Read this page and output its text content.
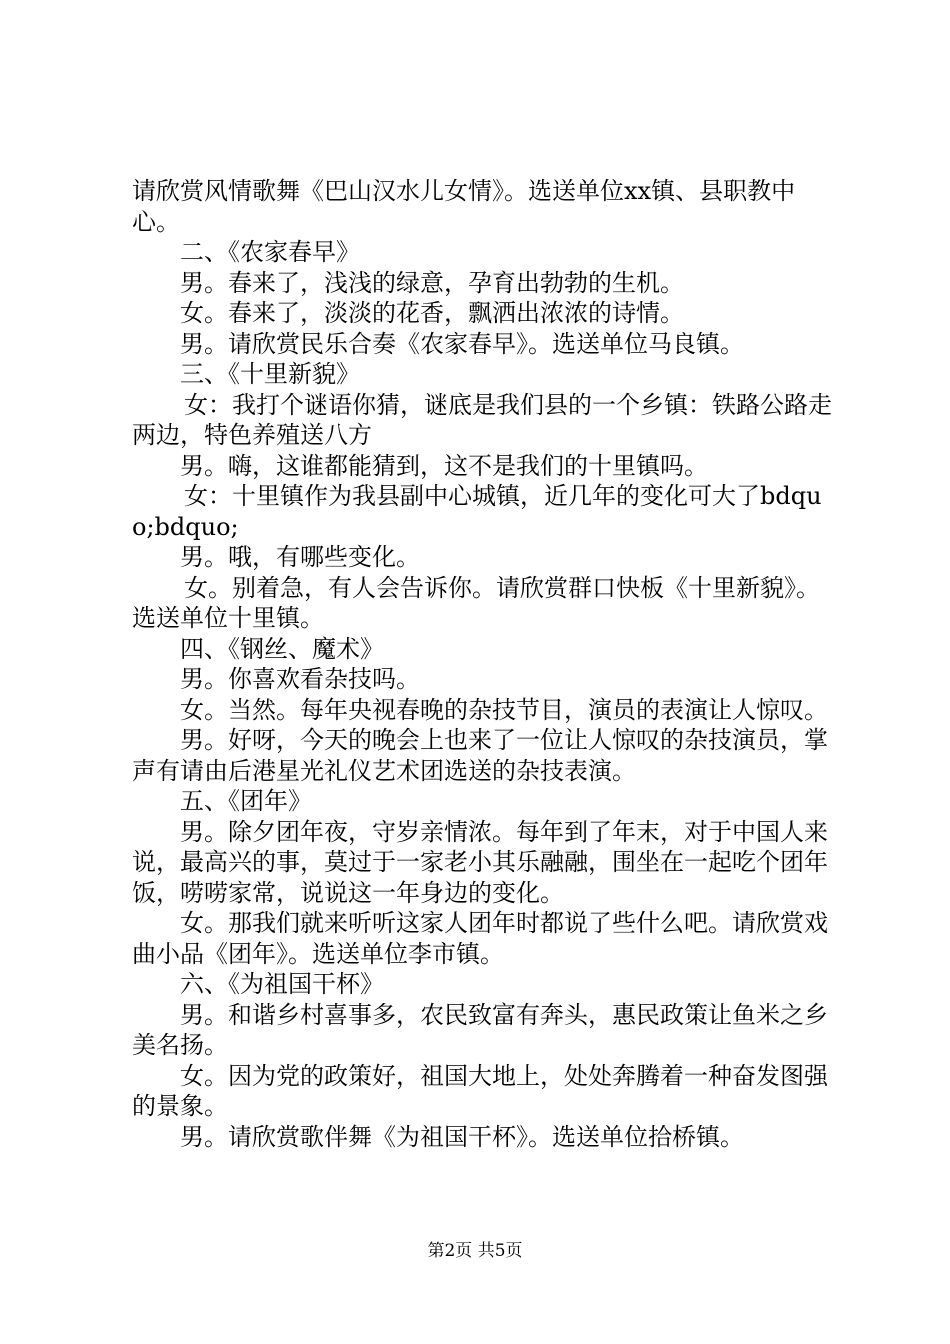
请欣赏风情歌舞《巴山汉水儿女情》。选送单位xx镇、县职教中心。

二、《农家春早》

男。春来了，浅浅的绿意，孕育出勃勃的生机。

女。春来了，淡淡的花香，飘洒出浓浓的诗情。

男。请欣赏民乐合奏《农家春早》。选送单位马良镇。

三、《十里新貌》

女：我打个谜语你猜，谜底是我们县的一个乡镇：铁路公路走两边，特色养殖送八方

男。嗨，这谁都能猜到，这不是我们的十里镇吗。

女：十里镇作为我县副中心城镇，近几年的变化可大了bdquo;bdquo;

男。哦，有哪些变化。

女。别着急，有人会告诉你。请欣赏群口快板《十里新貌》。选送单位十里镇。

四、《钢丝、魔术》

男。你喜欢看杂技吗。

女。当然。每年央视春晚的杂技节目，演员的表演让人惊叹。

男。好呀，今天的晚会上也来了一位让人惊叹的杂技演员，掌声有请由后港星光礼仪艺术团选送的杂技表演。

五、《团年》

男。除夕团年夜，守岁亲情浓。每年到了年末，对于中国人来说，最高兴的事，莫过于一家老小其乐融融，围坐在一起吃个团年饭，唠唠家常，说说这一年身边的变化。

女。那我们就来听听这家人团年时都说了些什么吧。请欣赏戏曲小品《团年》。选送单位李市镇。

六、《为祖国干杯》

男。和谐乡村喜事多，农民致富有奔头，惠民政策让鱼米之乡美名扬。

女。因为党的政策好，祖国大地上，处处奔腾着一种奋发图强的景象。

男。请欣赏歌伴舞《为祖国干杯》。选送单位拾桥镇。

第2页 共5页
